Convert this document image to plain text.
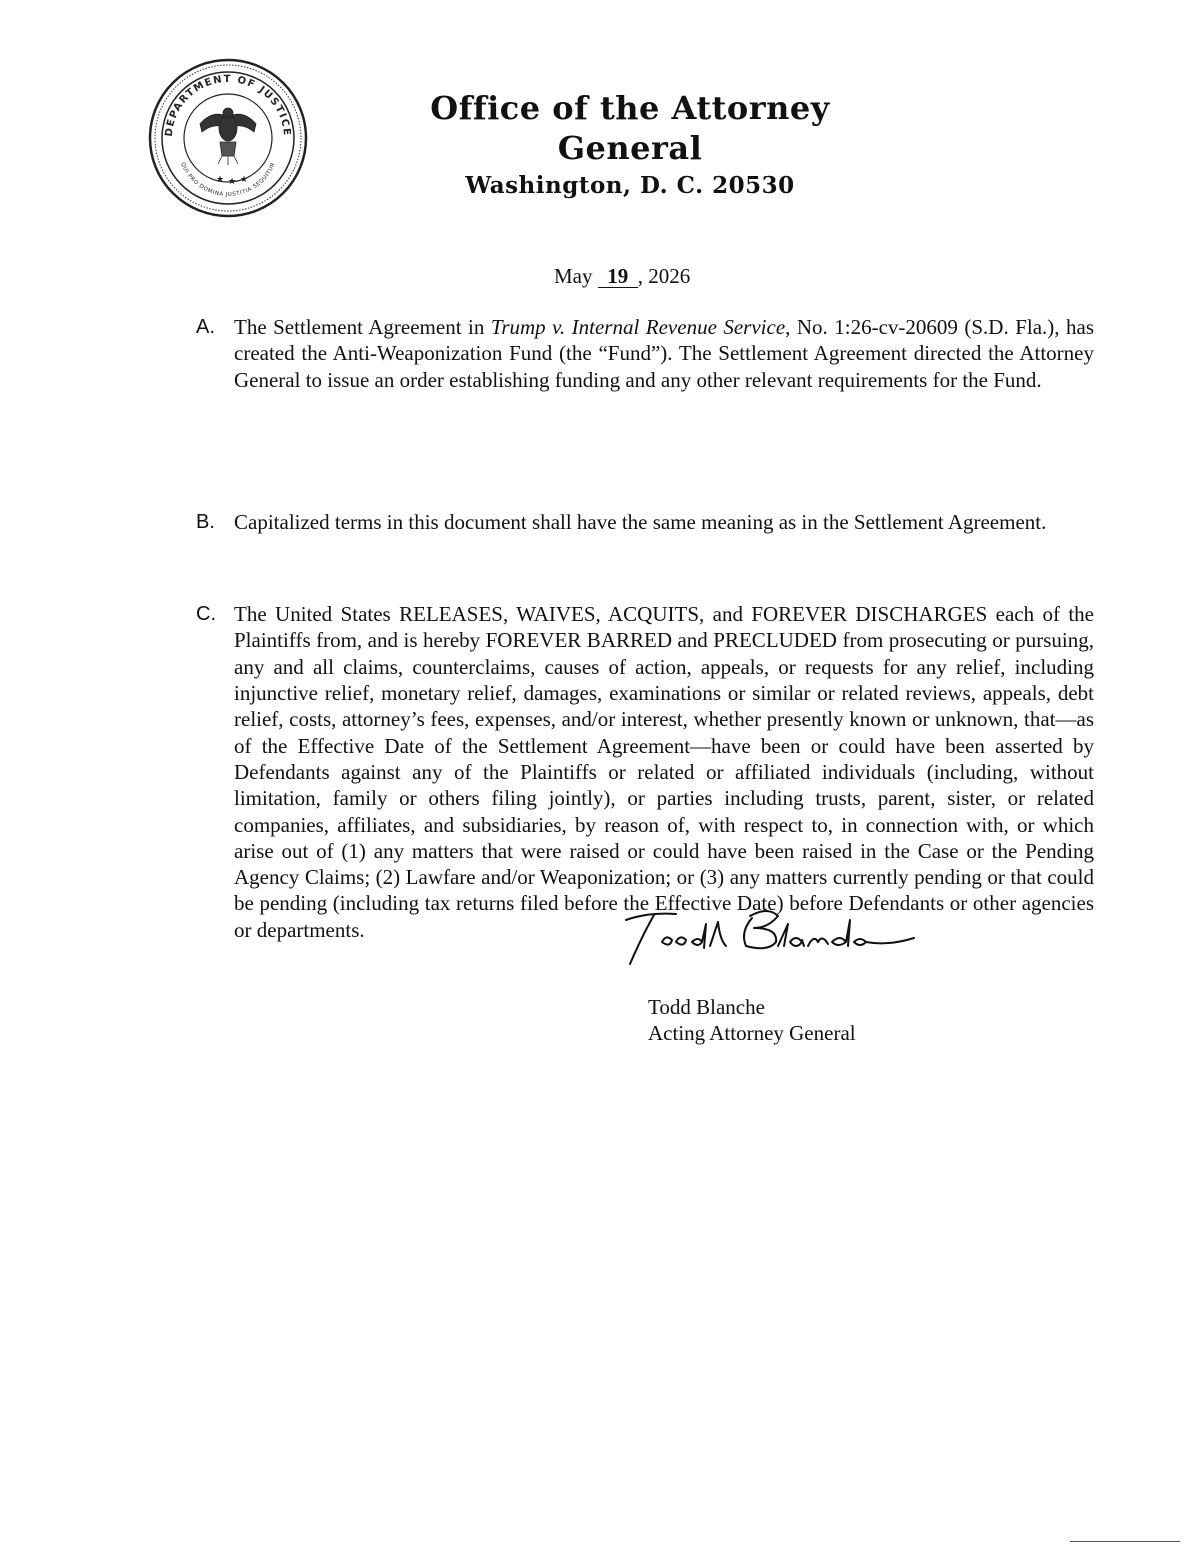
DEPARTMENT OF JUSTICE
QUI PRO DOMINA JUSTITIA SEQUITUR
★ ★ ★
Office of the Attorney General
Washington, D. C. 20530
May 19 , 2026
A. The Settlement Agreement in Trump v. Internal Revenue Service, No. 1:26-cv-20609 (S.D. Fla.), has created the Anti-Weaponization Fund (the “Fund”). The Settlement Agreement directed the Attorney General to issue an order establishing funding and any other relevant requirements for the Fund.
B. Capitalized terms in this document shall have the same meaning as in the Settlement Agreement.
C. The United States RELEASES, WAIVES, ACQUITS, and FOREVER DISCHARGES each of the Plaintiffs from, and is hereby FOREVER BARRED and PRECLUDED from prosecuting or pursuing, any and all claims, counterclaims, causes of action, appeals, or requests for any relief, including injunctive relief, monetary relief, damages, examinations or similar or related reviews, appeals, debt relief, costs, attorney’s fees, expenses, and/or interest, whether presently known or unknown, that—as of the Effective Date of the Settlement Agreement—have been or could have been asserted by Defendants against any of the Plaintiffs or related or affiliated individuals (including, without limitation, family or others filing jointly), or parties including trusts, parent, sister, or related companies, affiliates, and subsidiaries, by reason of, with respect to, in connection with, or which arise out of (1) any matters that were raised or could have been raised in the Case or the Pending Agency Claims; (2) Lawfare and/or Weaponization; or (3) any matters currently pending or that could be pending (including tax returns filed before the Effective Date) before Defendants or other agencies or departments.
Todd Blanche
Acting Attorney General
